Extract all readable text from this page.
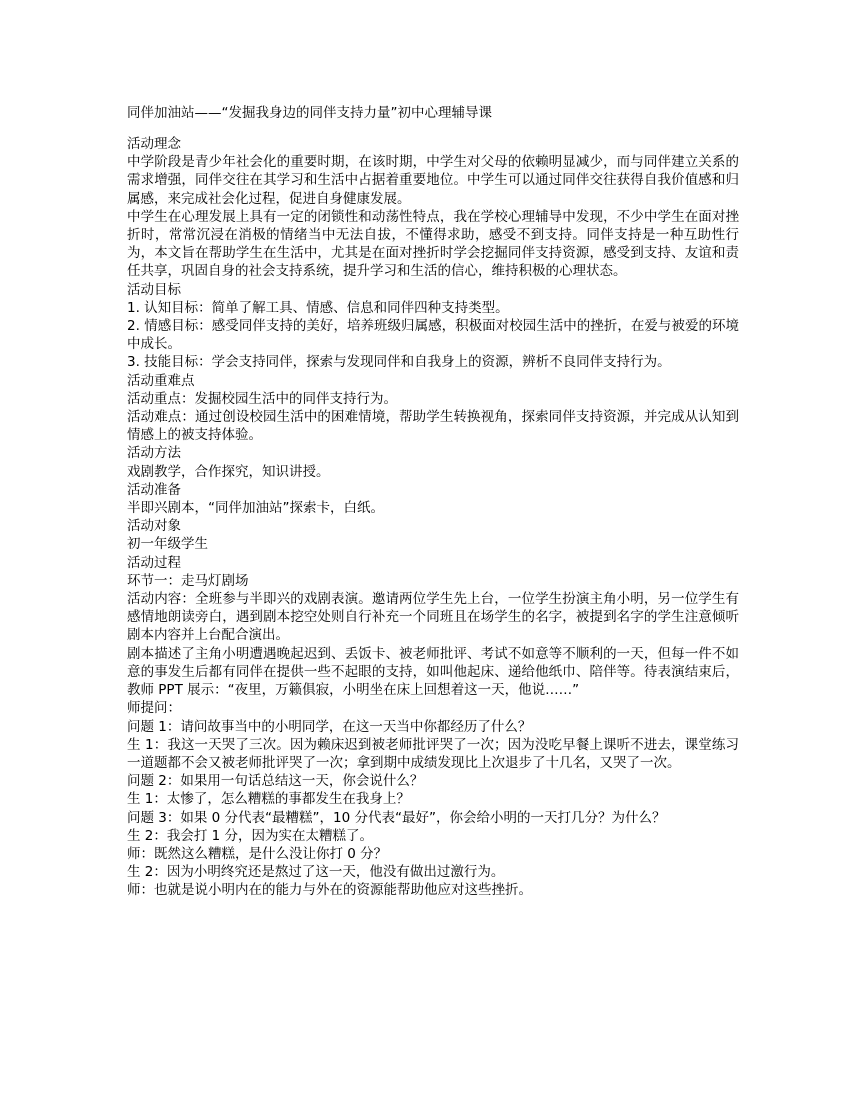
同伴加油站——“发掘我身边的同伴支持力量”初中心理辅导课

活动理念

中学阶段是青少年社会化的重要时期，在该时期，中学生对父母的依赖明显减少，而与同伴建立关系的需求增强，同伴交往在其学习和生活中占据着重要地位。中学生可以通过同伴交往获得自我价值感和归属感，来完成社会化过程，促进自身健康发展。

中学生在心理发展上具有一定的闭锁性和动荡性特点，我在学校心理辅导中发现，不少中学生在面对挫折时，常常沉浸在消极的情绪当中无法自拔，不懂得求助，感受不到支持。同伴支持是一种互助性行为，本文旨在帮助学生在生活中，尤其是在面对挫折时学会挖掘同伴支持资源，感受到支持、友谊和责任共享，巩固自身的社会支持系统，提升学习和生活的信心，维持积极的心理状态。

活动目标

1. 认知目标：简单了解工具、情感、信息和同伴四种支持类型。

2. 情感目标：感受同伴支持的美好，培养班级归属感，积极面对校园生活中的挫折，在爱与被爱的环境中成长。

3. 技能目标：学会支持同伴，探索与发现同伴和自我身上的资源，辨析不良同伴支持行为。

活动重难点

活动重点：发掘校园生活中的同伴支持行为。

活动难点：通过创设校园生活中的困难情境，帮助学生转换视角，探索同伴支持资源，并完成从认知到情感上的被支持体验。

活动方法

戏剧教学，合作探究，知识讲授。

活动准备

半即兴剧本，“同伴加油站”探索卡，白纸。

活动对象

初一年级学生

活动过程

环节一：走马灯剧场

活动内容：全班参与半即兴的戏剧表演。邀请两位学生先上台，一位学生扮演主角小明，另一位学生有感情地朗读旁白，遇到剧本挖空处则自行补充一个同班且在场学生的名字，被提到名字的学生注意倾听剧本内容并上台配合演出。

剧本描述了主角小明遭遇晚起迟到、丢饭卡、被老师批评、考试不如意等不顺利的一天，但每一件不如意的事发生后都有同伴在提供一些不起眼的支持，如叫他起床、递给他纸巾、陪伴等。待表演结束后，教师 PPT 展示：“夜里，万籁俱寂，小明坐在床上回想着这一天，他说……”

师提问：

问题 1：请问故事当中的小明同学，在这一天当中你都经历了什么？

生 1：我这一天哭了三次。因为赖床迟到被老师批评哭了一次；因为没吃早餐上课听不进去，课堂练习一道题都不会又被老师批评哭了一次；拿到期中成绩发现比上次退步了十几名，又哭了一次。

问题 2：如果用一句话总结这一天，你会说什么？

生 1：太惨了，怎么糟糕的事都发生在我身上？

问题 3：如果 0 分代表“最糟糕”，10 分代表“最好”，你会给小明的一天打几分？为什么？

生 2：我会打 1 分，因为实在太糟糕了。

师：既然这么糟糕，是什么没让你打 0 分？

生 2：因为小明终究还是熬过了这一天，他没有做出过激行为。

师：也就是说小明内在的能力与外在的资源能帮助他应对这些挫折。
